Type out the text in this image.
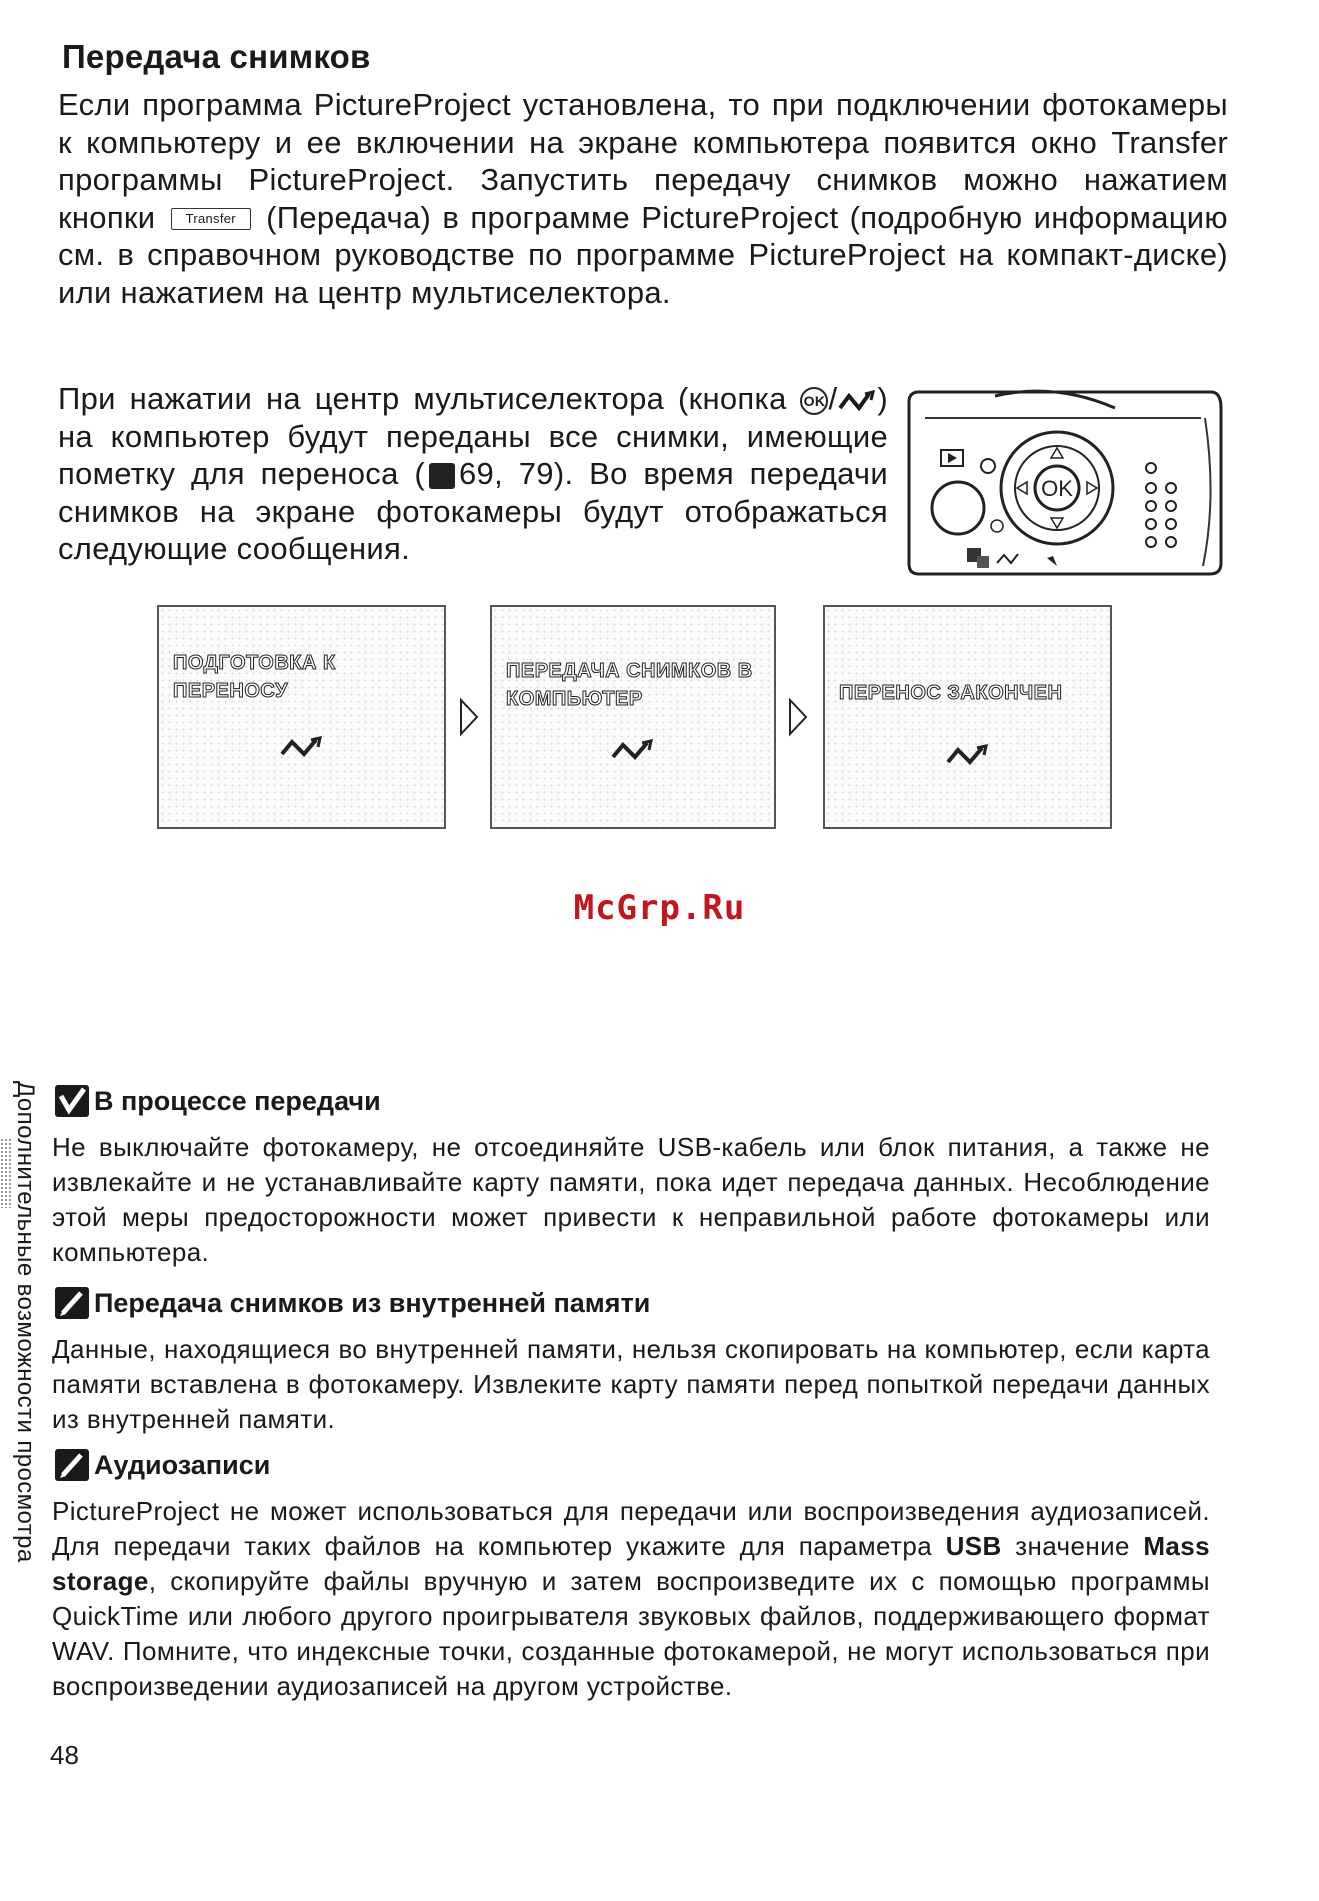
Передача снимков

Если программа PictureProject установлена, то при подключении фотокамеры к компьютеру и ее включении на экране компьютера появится окно Transfer программы PictureProject. Запустить передачу снимков можно нажатием кнопки Transfer (Передача) в программе PictureProject (подробную информацию см. в справочном руководстве по программе PictureProject на компакт-диске) или нажатием на центр мультиселектора.

При нажатии на центр мультиселектора (кнопка OK / ) на компьютер будут переданы все снимки, имеющие пометку для переноса ( 69, 79). Во время передачи снимков на экране фотокамеры будут отображаться следующие сообщения.

OK
ПОДГОТОВКА К ПЕРЕНОСУ
ПЕРЕДАЧА СНИМКОВ В
КОМПЬЮТЕР	ПЕРЕНОС ЗАКОНЧЕН
McGrp.Ru
В процессе передачи

Не выключайте фотокамеру, не отсоединяйте USB-кабель или блок питания, а также не извлекайте и не устанавливайте карту памяти, пока идет передача данных. Несоблюдение этой меры предосторожности может привести к неправильной работе фотокамеры или компьютера.

Передача снимков из внутренней памяти

Данные, находящиеся во внутренней памяти, нельзя скопировать на компьютер, если карта памяти вставлена в фотокамеру. Извлеките карту памяти перед попыткой передачи данных из внутренней памяти.

Аудиозаписи

PictureProject не может использоваться для передачи или воспроизведения аудиозаписей. Для передачи таких файлов на компьютер укажите для параметра USB значение Mass storage, скопируйте файлы вручную и затем воспроизведите их с помощью программы QuickTime или любого другого проигрывателя звуковых файлов, поддерживающего формат WAV. Помните, что индексные точки, созданные фотокамерой, не могут использоваться при воспроизведении аудиозаписей на другом устройстве.

Дополнительные возможности просмотра
48
